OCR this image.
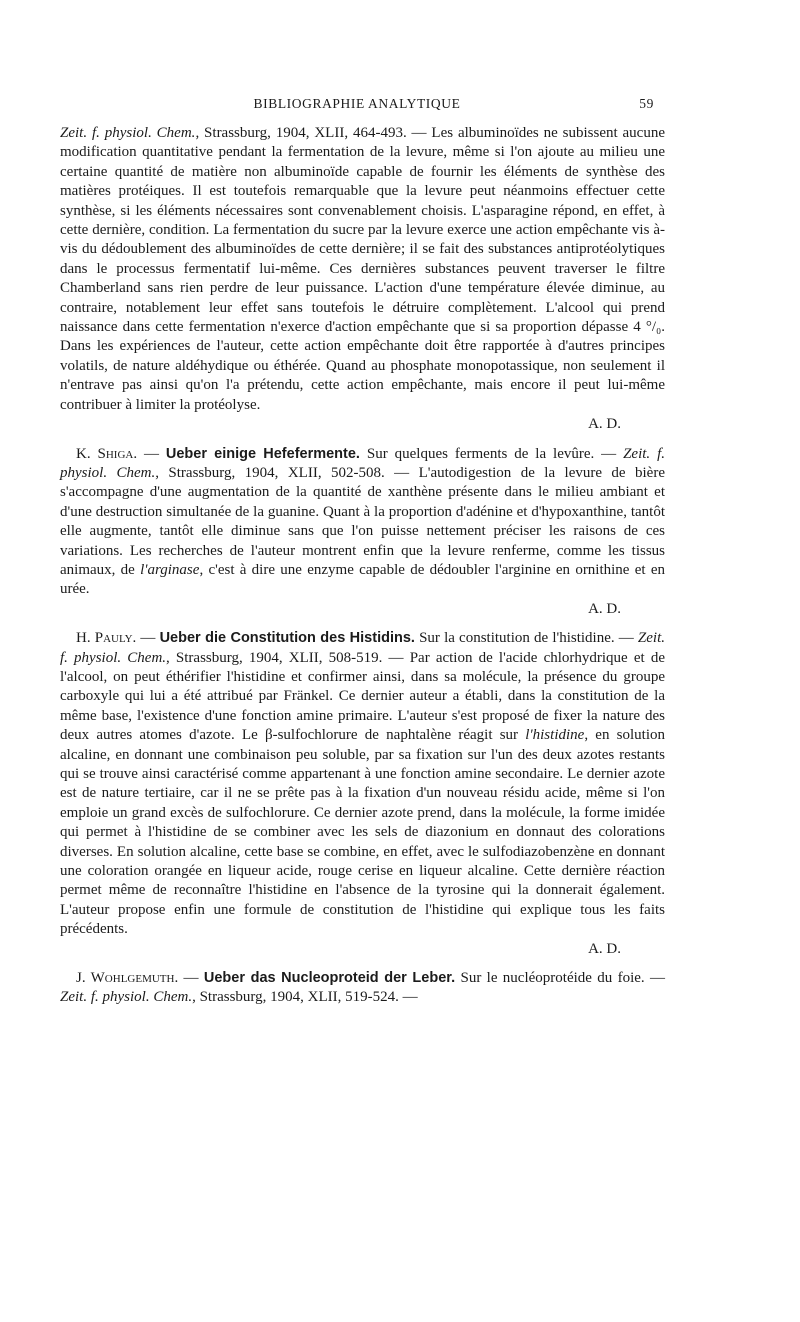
BIBLIOGRAPHIE ANALYTIQUE	59

Zeit. f. physiol. Chem., Strassburg, 1904, XLII, 464-493. — Les albuminoïdes ne subissent aucune modification quantitative pendant la fermentation de la levure, même si l'on ajoute au milieu une certaine quantité de matière non albuminoïde capable de fournir les éléments de synthèse des matières protéiques. Il est toutefois remarquable que la levure peut néanmoins effectuer cette synthèse, si les éléments nécessaires sont convenablement choisis. L'asparagine répond, en effet, à cette dernière, condition. La fermentation du sucre par la levure exerce une action empêchante vis à-vis du dédoublement des albuminoïdes de cette dernière; il se fait des substances antiprotéolytiques dans le processus fermentatif lui-même. Ces dernières substances peuvent traverser le filtre Chamberland sans rien perdre de leur puissance. L'action d'une température élevée diminue, au contraire, notablement leur effet sans toutefois le détruire complètement. L'alcool qui prend naissance dans cette fermentation n'exerce d'action empêchante que si sa proportion dépasse 4 °/₀. Dans les expériences de l'auteur, cette action empêchante doit être rapportée à d'autres principes volatils, de nature aldéhydique ou éthérée. Quand au phosphate monopotassique, non seulement il n'entrave pas ainsi qu'on l'a prétendu, cette action empêchante, mais encore il peut lui-même contribuer à limiter la protéolyse.
A. D.

K. Shiga. — Ueber einige Hefefermente. Sur quelques ferments de la levûre. — Zeit. f. physiol. Chem., Strassburg, 1904, XLII, 502-508. — L'autodigestion de la levure de bière s'accompagne d'une augmentation de la quantité de xanthène présente dans le milieu ambiant et d'une destruction simultanée de la guanine. Quant à la proportion d'adénine et d'hypoxanthine, tantôt elle augmente, tantôt elle diminue sans que l'on puisse nettement préciser les raisons de ces variations. Les recherches de l'auteur montrent enfin que la levure renferme, comme les tissus animaux, de l'arginase, c'est à dire une enzyme capable de dédoubler l'arginine en ornithine et en urée.
A. D.

H. Pauly. — Ueber die Constitution des Histidins. Sur la constitution de l'histidine. — Zeit. f. physiol. Chem., Strassburg, 1904, XLII, 508-519. — Par action de l'acide chlorhydrique et de l'alcool, on peut éthérifier l'histidine et confirmer ainsi, dans sa molécule, la présence du groupe carboxyle qui lui a été attribué par Fränkel. Ce dernier auteur a établi, dans la constitution de la même base, l'existence d'une fonction amine primaire. L'auteur s'est proposé de fixer la nature des deux autres atomes d'azote. Le β-sulfochlorure de naphtalène réagit sur l'histidine, en solution alcaline, en donnant une combinaison peu soluble, par sa fixation sur l'un des deux azotes restants qui se trouve ainsi caractérisé comme appartenant à une fonction amine secondaire. Le dernier azote est de nature tertiaire, car il ne se prête pas à la fixation d'un nouveau résidu acide, même si l'on emploie un grand excès de sulfochlorure. Ce dernier azote prend, dans la molécule, la forme imidée qui permet à l'histidine de se combiner avec les sels de diazonium en donnaut des colorations diverses. En solution alcaline, cette base se combine, en effet, avec le sulfodiazobenzène en donnant une coloration orangée en liqueur acide, rouge cerise en liqueur alcaline. Cette dernière réaction permet même de reconnaître l'histidine en l'absence de la tyrosine qui la donnerait également. L'auteur propose enfin une formule de constitution de l'histidine qui explique tous les faits précédents.
A. D.

J. Wohlgemuth. — Ueber das Nucleoproteid der Leber. Sur le nucléoprotéide du foie. — Zeit. f. physiol. Chem., Strassburg, 1904, XLII, 519-524. —
